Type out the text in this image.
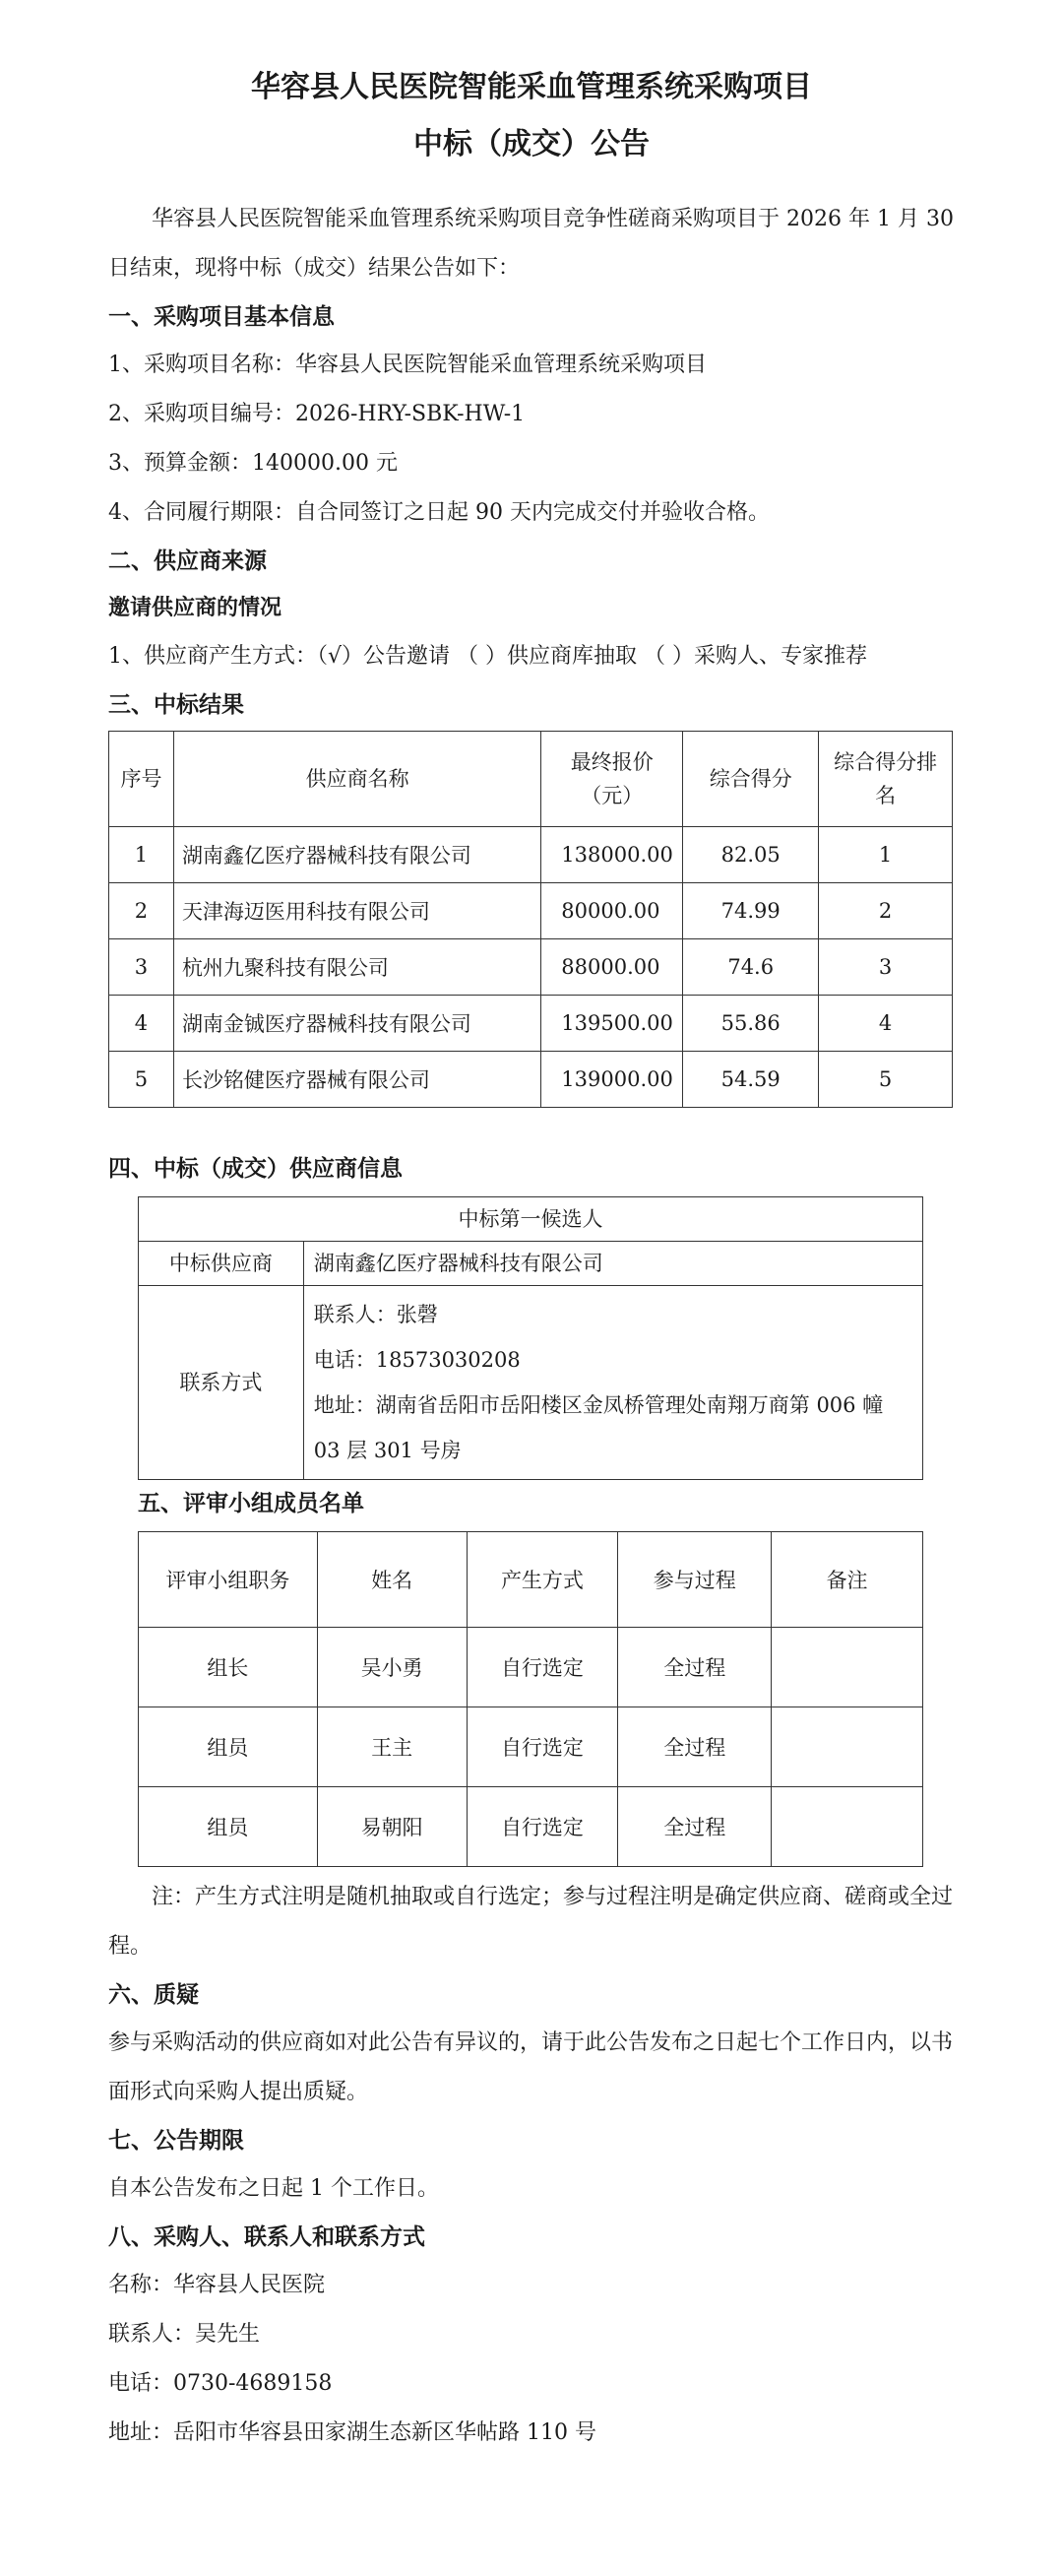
华容县人民医院智能采血管理系统采购项目
中标（成交）公告

华容县人民医院智能采血管理系统采购项目竞争性磋商采购项目于 2026 年 1 月 30 日结束，现将中标（成交）结果公告如下：

一、采购项目基本信息

1、采购项目名称：华容县人民医院智能采血管理系统采购项目

2、采购项目编号：2026-HRY-SBK-HW-1

3、预算金额：140000.00 元

4、合同履行期限：自合同签订之日起 90 天内完成交付并验收合格。

二、供应商来源
邀请供应商的情况

1、供应商产生方式：（√）公告邀请 （ ）供应商库抽取 （ ）采购人、专家推荐

三、中标结果
序号	供应商名称	最终报价（元）	综合得分	综合得分排名
1	湖南鑫亿医疗器械科技有限公司	138000.00	82.05	1
2	天津海迈医用科技有限公司	80000.00	74.99	2
3	杭州九聚科技有限公司	88000.00	74.6	3
4	湖南金铖医疗器械科技有限公司	139500.00	55.86	4
5	长沙铭健医疗器械有限公司	139000.00	54.59	5
四、中标（成交）供应商信息
中标第一候选人	
中标供应商	湖南鑫亿医疗器械科技有限公司
联系方式	联系人：张磬
电话：18573030208
地址：湖南省岳阳市岳阳楼区金凤桥管理处南翔万商第 006 幢 03 层 301 号房
五、评审小组成员名单
评审小组职务	姓名	产生方式	参与过程	备注
组长	吴小勇	自行选定	全过程	
组员	王主	自行选定	全过程	
组员	易朝阳	自行选定	全过程	

注：产生方式注明是随机抽取或自行选定；参与过程注明是确定供应商、磋商或全过程。

六、质疑

参与采购活动的供应商如对此公告有异议的，请于此公告发布之日起七个工作日内，以书面形式向采购人提出质疑。

七、公告期限

自本公告发布之日起 1 个工作日。

八、采购人、联系人和联系方式

名称：华容县人民医院

联系人：吴先生

电话：0730-4689158

地址：岳阳市华容县田家湖生态新区华帖路 110 号
